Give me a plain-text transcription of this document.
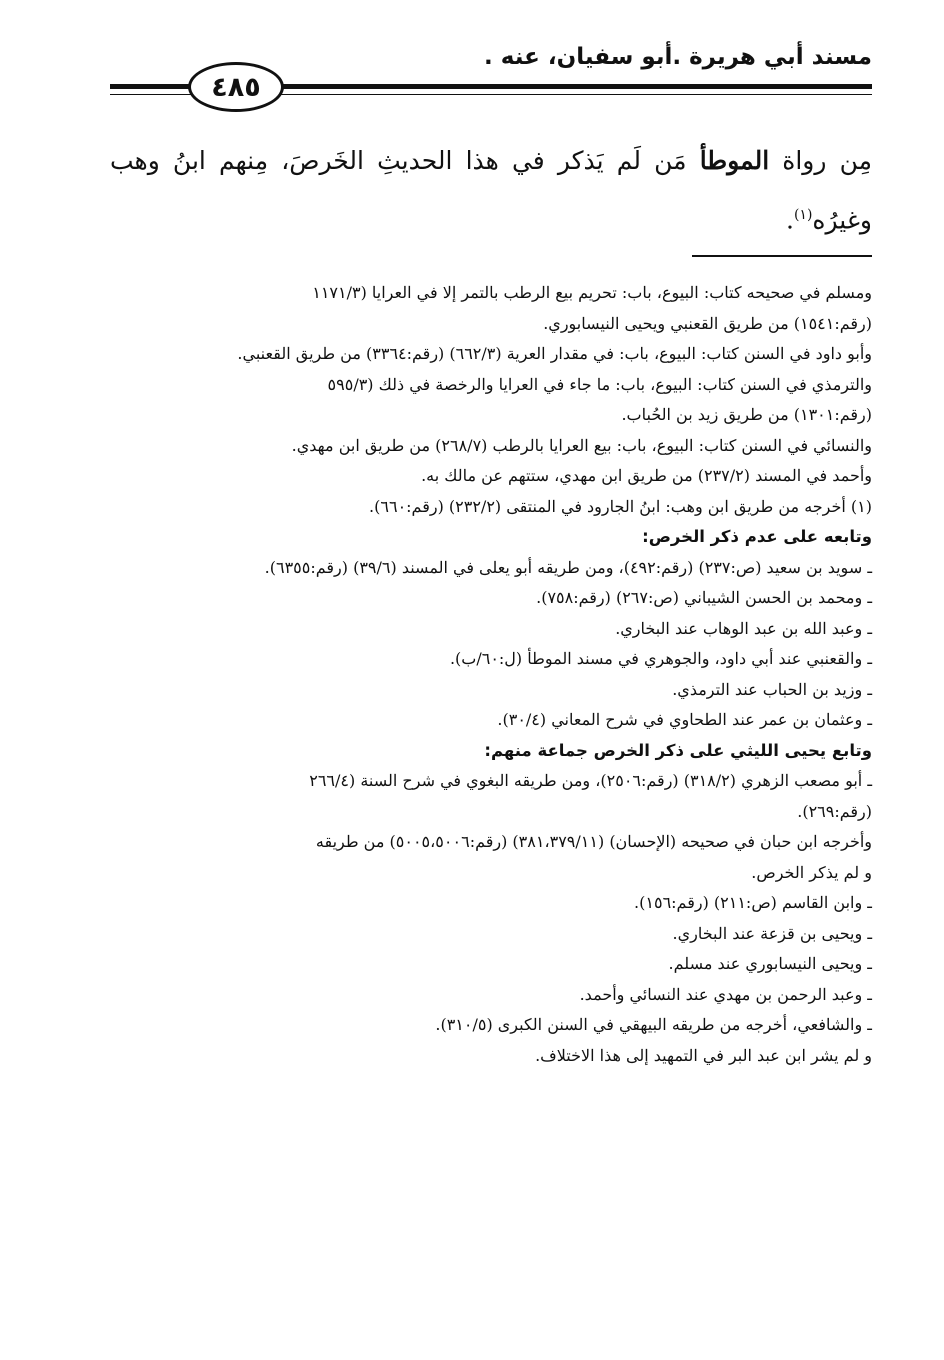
مسند أبي هريرة .أبو سفيان، عنه .
٤٨٥
مِن رواة الموطأ مَن لَم يَذكر في هذا الحديثِ الخَرصَ، مِنهم ابنُ وهب وغيرُه$^{(١)}$.

ومسلم في صحيحه كتاب: البيوع، باب: تحريم بيع الرطب بالتمر إلا في العرايا (١١٧١/٣

(رقم:١٥٤١) من طريق القعنبي ويحيى النيسابوري.

وأبو داود في السنن كتاب: البيوع، باب: في مقدار العرية (٦٦٢/٣) (رقم:٣٣٦٤) من طريق القعنبي.

والترمذي في السنن كتاب: البيوع، باب: ما جاء في العرايا والرخصة في ذلك (٥٩٥/٣

(رقم:١٣٠١) من طريق زيد بن الحُباب.

والنسائي في السنن كتاب: البيوع، باب: بيع العرايا بالرطب (٢٦٨/٧) من طريق ابن مهدي.

وأحمد في المسند (٢٣٧/٢) من طريق ابن مهدي، ستتهم عن مالك به.

(١) أخرجه من طريق ابن وهب: ابنُ الجارود في المنتقى (٢٣٢/٢) (رقم:٦٦٠).

وتابعه على عدم ذكر الخرص:

ـ سويد بن سعيد (ص:٢٣٧) (رقم:٤٩٢)، ومن طريقه أبو يعلى في المسند (٣٩/٦) (رقم:٦٣٥٥).

ـ ومحمد بن الحسن الشيباني (ص:٢٦٧) (رقم:٧٥٨).

ـ وعبد الله بن عبد الوهاب عند البخاري.

ـ والقعنبي عند أبي داود، والجوهري في مسند الموطأ (ل:٦٠/ب).

ـ وزيد بن الحباب عند الترمذي.

ـ وعثمان بن عمر عند الطحاوي في شرح المعاني (٣٠/٤).

وتابع يحيى الليثي على ذكر الخرص جماعة منهم:

ـ أبو مصعب الزهري (٣١٨/٢) (رقم:٢٥٠٦)، ومن طريقه البغوي في شرح السنة (٢٦٦/٤

(رقم:٢٦٩).

وأخرجه ابن حبان في صحيحه (الإحسان) (٣٨١،٣٧٩/١١) (رقم:٥٠٠٥،٥٠٠٦) من طريقه

و لم يذكر الخرص.

ـ وابن القاسم (ص:٢١١) (رقم:١٥٦).

ـ ويحيى بن قزعة عند البخاري.

ـ ويحيى النيسابوري عند مسلم.

ـ وعبد الرحمن بن مهدي عند النسائي وأحمد.

ـ والشافعي، أخرجه من طريقه البيهقي في السنن الكبرى (٣١٠/٥).

و لم يشر ابن عبد البر في التمهيد إلى هذا الاختلاف.
